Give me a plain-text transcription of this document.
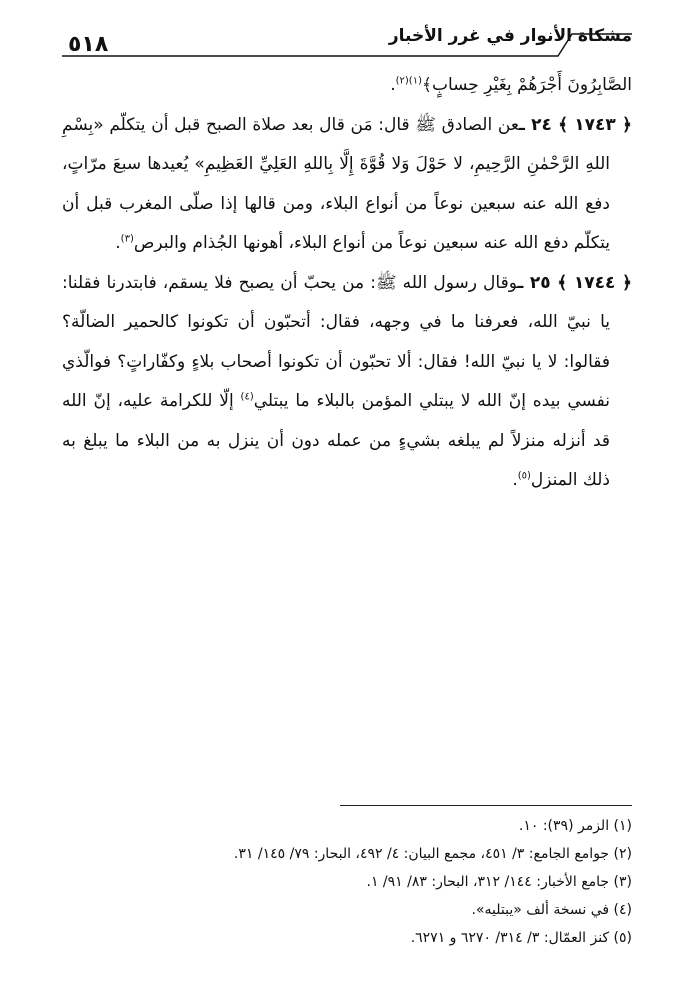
مشكاة الأنوار في غرر الأخبار
٥١٨

الصَّابِرُونَ أَجْرَهُمْ بِغَيْرِ حِسابٍ﴾$^{(١)(٢)}$.

﴿ ١٧٤٣ ﴾ ٢٤ ـعن الصادق ﷺ قال: مَن قال بعد صلاة الصبح قبل أن يتكلّم «بِسْمِ اللهِ الرَّحْمٰنِ الرَّحِيمِ، لا حَوْلَ وَلا قُوَّةَ إِلَّا بِاللهِ العَلِيِّ العَظِيمِ» يُعيدها سبعَ مرّاتٍ، دفع الله عنه سبعين نوعاً من أنواع البلاء، ومن قالها إذا صلّى المغرب قبل أن يتكلّم دفع الله عنه سبعين نوعاً من أنواع البلاء، أهونها الجُذام والبرص$^{(٣)}$.

﴿ ١٧٤٤ ﴾ ٢٥ ـوقال رسول الله ﷺ: من يحبّ أن يصبح فلا يسقم، فابتدرنا فقلنا: يا نبيّ الله، فعرفنا ما في وجهه، فقال: أتحبّون أن تكونوا كالحمير الضالّة؟ فقالوا: لا يا نبيّ الله! فقال: ألا تحبّون أن تكونوا أصحاب بلاءٍ وكفّاراتٍ؟ فوالّذي نفسي بيده إنّ الله لا يبتلي المؤمن بالبلاء ما يبتلي$^{(٤)}$ إلّا للكرامة عليه، إنّ الله قد أنزله منزلاً لم يبلغه بشيءٍ من عمله دون أن ينزل به من البلاء ما يبلغ به ذلك المنزل$^{(٥)}$.

(١) الزمر (٣٩): ١٠.
(٢) جوامع الجامع: ٣/ ٤٥١، مجمع البيان: ٤/ ٤٩٢، البحار: ٧٩/ ١٤٥/ ٣١.
(٣) جامع الأخبار: ١٤٤/ ٣١٢، البحار: ٨٣/ ٩١/ ١.
(٤) في نسخة ألف «يبتليه».
(٥) كنز العمّال: ٣/ ٣١٤/ ٦٢٧٠ و ٦٢٧١.
